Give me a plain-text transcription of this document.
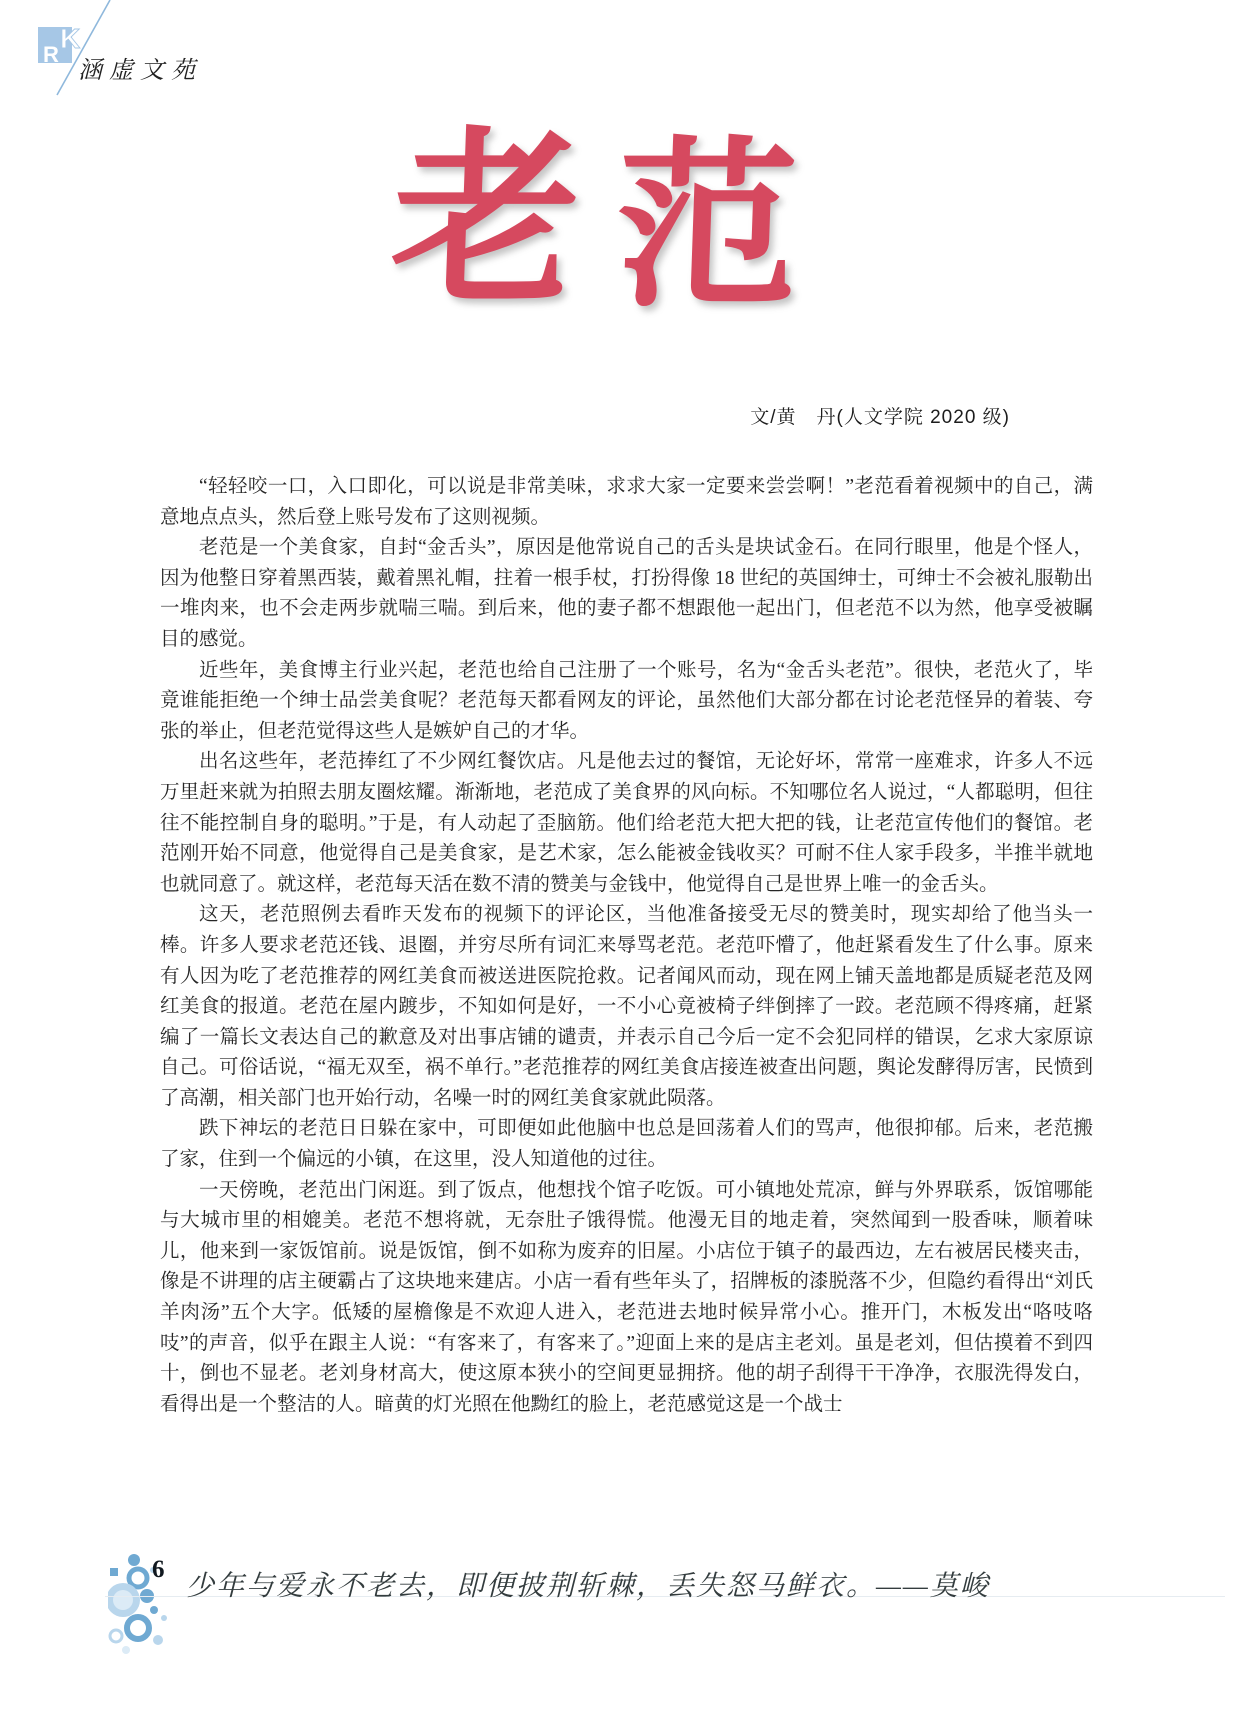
K
R
涵虚文苑
老 范
文/黄　丹(人文学院 2020 级)

“轻轻咬一口，入口即化，可以说是非常美味，求求大家一定要来尝尝啊！”老范看着视频中的自己，满意地点点头，然后登上账号发布了这则视频。

老范是一个美食家，自封“金舌头”，原因是他常说自己的舌头是块试金石。在同行眼里，他是个怪人，因为他整日穿着黑西装，戴着黑礼帽，拄着一根手杖，打扮得像 18 世纪的英国绅士，可绅士不会被礼服勒出一堆肉来，也不会走两步就喘三喘。到后来，他的妻子都不想跟他一起出门，但老范不以为然，他享受被瞩目的感觉。

近些年，美食博主行业兴起，老范也给自己注册了一个账号，名为“金舌头老范”。很快，老范火了，毕竟谁能拒绝一个绅士品尝美食呢？老范每天都看网友的评论，虽然他们大部分都在讨论老范怪异的着装、夸张的举止，但老范觉得这些人是嫉妒自己的才华。

出名这些年，老范捧红了不少网红餐饮店。凡是他去过的餐馆，无论好坏，常常一座难求，许多人不远万里赶来就为拍照去朋友圈炫耀。渐渐地，老范成了美食界的风向标。不知哪位名人说过，“人都聪明，但往往不能控制自身的聪明。”于是，有人动起了歪脑筋。他们给老范大把大把的钱，让老范宣传他们的餐馆。老范刚开始不同意，他觉得自己是美食家，是艺术家，怎么能被金钱收买？可耐不住人家手段多，半推半就地也就同意了。就这样，老范每天活在数不清的赞美与金钱中，他觉得自己是世界上唯一的金舌头。

这天，老范照例去看昨天发布的视频下的评论区，当他准备接受无尽的赞美时，现实却给了他当头一棒。许多人要求老范还钱、退圈，并穷尽所有词汇来辱骂老范。老范吓懵了，他赶紧看发生了什么事。原来有人因为吃了老范推荐的网红美食而被送进医院抢救。记者闻风而动，现在网上铺天盖地都是质疑老范及网红美食的报道。老范在屋内踱步，不知如何是好，一不小心竟被椅子绊倒摔了一跤。老范顾不得疼痛，赶紧编了一篇长文表达自己的歉意及对出事店铺的谴责，并表示自己今后一定不会犯同样的错误，乞求大家原谅自己。可俗话说，“福无双至，祸不单行。”老范推荐的网红美食店接连被查出问题，舆论发酵得厉害，民愤到了高潮，相关部门也开始行动，名噪一时的网红美食家就此陨落。

跌下神坛的老范日日躲在家中，可即便如此他脑中也总是回荡着人们的骂声，他很抑郁。后来，老范搬了家，住到一个偏远的小镇，在这里，没人知道他的过往。

一天傍晚，老范出门闲逛。到了饭点，他想找个馆子吃饭。可小镇地处荒凉，鲜与外界联系，饭馆哪能与大城市里的相媲美。老范不想将就，无奈肚子饿得慌。他漫无目的地走着，突然闻到一股香味，顺着味儿，他来到一家饭馆前。说是饭馆，倒不如称为废弃的旧屋。小店位于镇子的最西边，左右被居民楼夹击，像是不讲理的店主硬霸占了这块地来建店。小店一看有些年头了，招牌板的漆脱落不少，但隐约看得出“刘氏羊肉汤”五个大字。低矮的屋檐像是不欢迎人进入，老范进去地时候异常小心。推开门，木板发出“咯吱咯吱”的声音，似乎在跟主人说：“有客来了，有客来了。”迎面上来的是店主老刘。虽是老刘，但估摸着不到四十，倒也不显老。老刘身材高大，使这原本狭小的空间更显拥挤。他的胡子刮得干干净净，衣服洗得发白，看得出是一个整洁的人。暗黄的灯光照在他黝红的脸上，老范感觉这是一个战士

6
少年与爱永不老去，即便披荆斩棘，丢失怒马鲜衣。——莫峻
